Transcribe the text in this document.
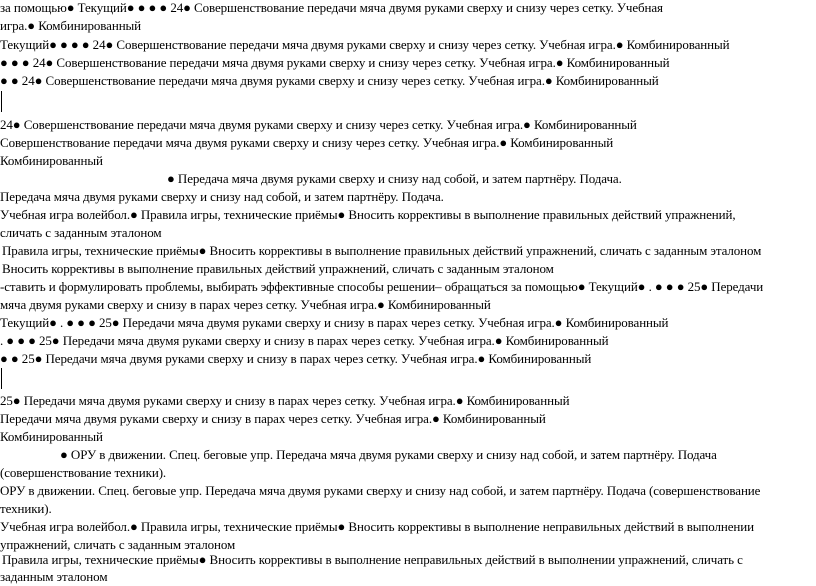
за помощью● Текущий● ● ● ● 24● Совершенствование передачи мяча двумя руками сверху и снизу через сетку. Учебная
игра.● Комбинированный
Текущий● ● ● ● 24● Совершенствование передачи мяча двумя руками сверху и снизу через сетку. Учебная игра.● Комбинированный
● ● ● 24● Совершенствование передачи мяча двумя руками сверху и снизу через сетку. Учебная игра.● Комбинированный
● ● 24● Совершенствование передачи мяча двумя руками сверху и снизу через сетку. Учебная игра.● Комбинированный
24● Совершенствование передачи мяча двумя руками сверху и снизу через сетку. Учебная игра.● Комбинированный
Совершенствование передачи мяча двумя руками сверху и снизу через сетку. Учебная игра.● Комбинированный
Комбинированный
● Передача мяча двумя руками сверху и снизу над собой, и затем партнёру. Подача.
Передача мяча двумя руками сверху и снизу над собой, и затем партнёру. Подача.
Учебная игра волейбол.● Правила игры, технические приёмы● Вносить коррективы в выполнение правильных действий упражнений,
сличать с заданным эталоном
Правила игры, технические приёмы● Вносить коррективы в выполнение правильных действий упражнений, сличать с заданным эталоном
Вносить коррективы в выполнение правильных действий упражнений, сличать с заданным эталоном
-ставить и формулировать проблемы, выбирать эффективные способы решении– обращаться за помощью● Текущий● . ● ● ● 25● Передачи
мяча двумя руками сверху и снизу в парах через сетку. Учебная игра.● Комбинированный
Текущий● . ● ● ● 25● Передачи мяча двумя руками сверху и снизу в парах через сетку. Учебная игра.● Комбинированный
. ● ● ● 25● Передачи мяча двумя руками сверху и снизу в парах через сетку. Учебная игра.● Комбинированный
● ● 25● Передачи мяча двумя руками сверху и снизу в парах через сетку. Учебная игра.● Комбинированный
25● Передачи мяча двумя руками сверху и снизу в парах через сетку. Учебная игра.● Комбинированный
Передачи мяча двумя руками сверху и снизу в парах через сетку. Учебная игра.● Комбинированный
Комбинированный
● ОРУ в движении. Спец. беговые упр. Передача мяча двумя руками сверху и снизу над собой, и затем партнёру. Подача
(совершенствование техники).
ОРУ в движении. Спец. беговые упр. Передача мяча двумя руками сверху и снизу над собой, и затем партнёру. Подача (совершенствование
техники).
Учебная игра волейбол.● Правила игры, технические приёмы● Вносить коррективы в выполнение неправильных действий в выполнении
упражнений, сличать с заданным эталоном
Правила игры, технические приёмы● Вносить коррективы в выполнение неправильных действий в выполнении упражнений, сличать с
заданным эталоном
